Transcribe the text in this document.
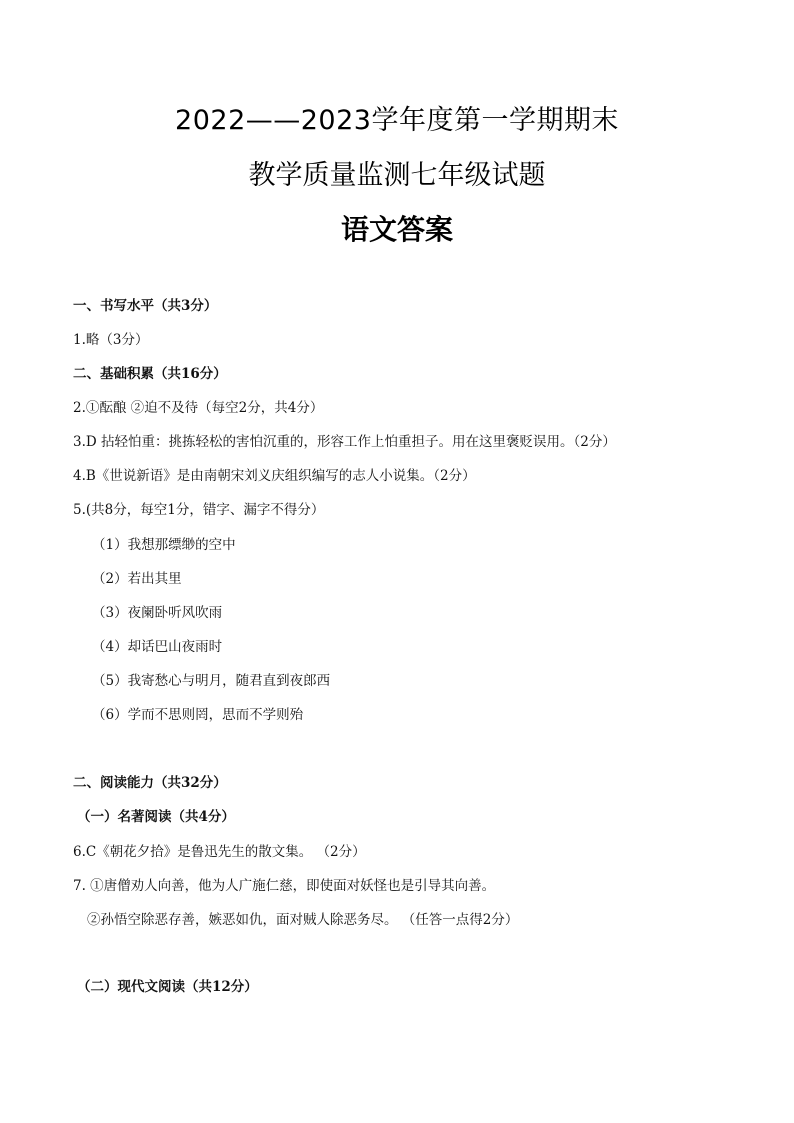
2022——2023学年度第一学期期末
教学质量监测七年级试题
语文答案
一、书写水平（共3分）
1.略（3分）
二、基础积累（共16分）
2.①酝酿 ②迫不及待（每空2分，共4分）
3.D 拈轻怕重：挑拣轻松的害怕沉重的，形容工作上怕重担子。用在这里褒贬误用。（2分）
4.B《世说新语》是由南朝宋刘义庆组织编写的志人小说集。（2分）
5.(共8分，每空1分，错字、漏字不得分）
（1）我想那缥缈的空中
（2）若出其里
（3）夜阑卧听风吹雨
（4）却话巴山夜雨时
（5）我寄愁心与明月，随君直到夜郎西
（6）学而不思则罔，思而不学则殆
二、阅读能力（共32分）
（一）名著阅读（共4分）
6.C《朝花夕拾》是鲁迅先生的散文集。 （2分）
7. ①唐僧劝人向善，他为人广施仁慈，即使面对妖怪也是引导其向善。
②孙悟空除恶存善，嫉恶如仇，面对贼人除恶务尽。 （任答一点得2分）
（二）现代文阅读（共12分）
